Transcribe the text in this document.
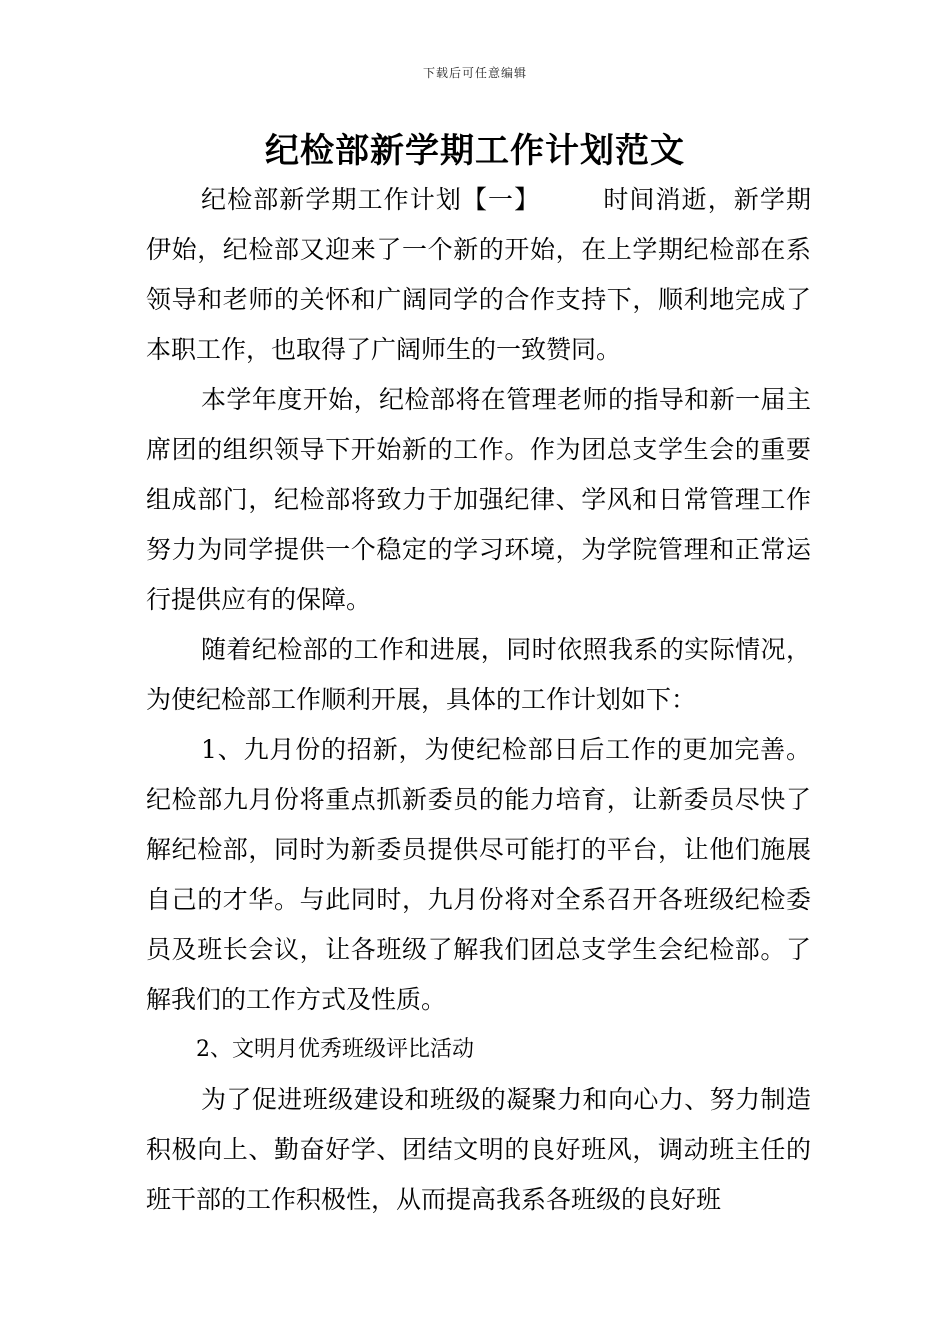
下载后可任意编辑
纪检部新学期工作计划范文

纪检部新学期工作计划【一】 时间消逝，新学期伊始，纪检部又迎来了一个新的开始，在上学期纪检部在系领导和老师的关怀和广阔同学的合作支持下，顺利地完成了本职工作，也取得了广阔师生的一致赞同。

本学年度开始，纪检部将在管理老师的指导和新一届主席团的组织领导下开始新的工作。作为团总支学生会的重要组成部门，纪检部将致力于加强纪律、学风和日常管理工作努力为同学提供一个稳定的学习环境，为学院管理和正常运行提供应有的保障。

随着纪检部的工作和进展，同时依照我系的实际情况，为使纪检部工作顺利开展，具体的工作计划如下：

1、九月份的招新，为使纪检部日后工作的更加完善。纪检部九月份将重点抓新委员的能力培育，让新委员尽快了解纪检部，同时为新委员提供尽可能打的平台，让他们施展自己的才华。与此同时，九月份将对全系召开各班级纪检委员及班长会议，让各班级了解我们团总支学生会纪检部。了解我们的工作方式及性质。

2、文明月优秀班级评比活动

为了促进班级建设和班级的凝聚力和向心力、努力制造积极向上、勤奋好学、团结文明的良好班风，调动班主任的班干部的工作积极性，从而提高我系各班级的良好班
